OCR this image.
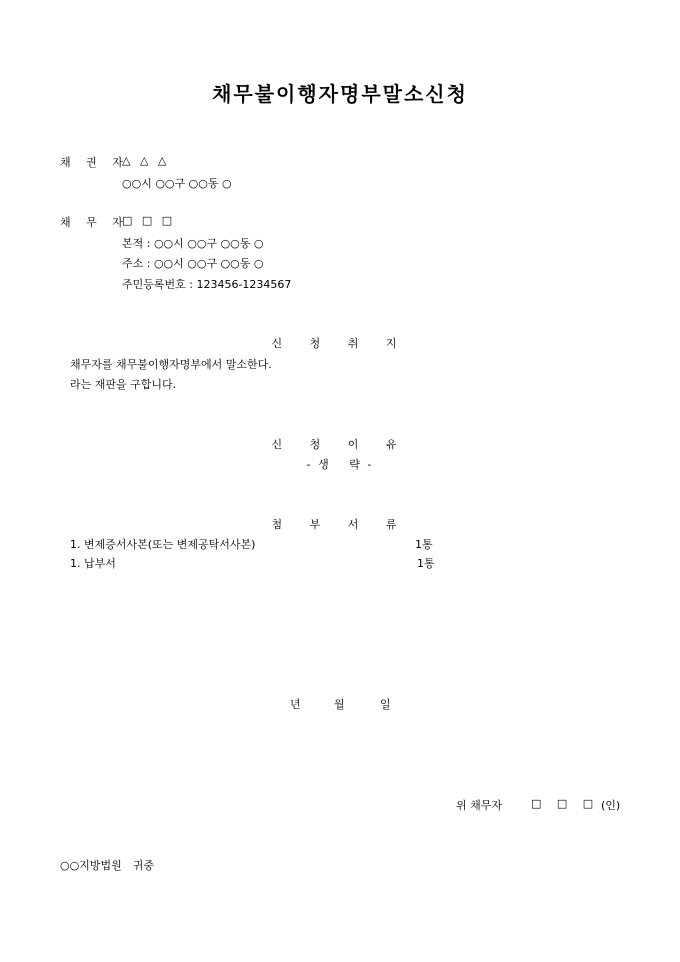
채무불이행자명부말소신청
채 권 자
△ △ △
○○시 ○○구 ○○동 ○
채 무 자
□ □ □
본적 : ○○시 ○○구 ○○동 ○
주소 : ○○시 ○○구 ○○동 ○
주민등록번호 : 123456-1234567
신 청 취 지
채무자를 채무불이행자명부에서 말소한다.
라는 재판을 구합니다.
신 청 이 유
- 생　 략 -
첨 부 서 류
1. 변제증서사본(또는 변제공탁서사본)	1통
1. 납부서	1통
년	월	일
위 채무자	□ □ □ (인)
○○지방법원　귀중
